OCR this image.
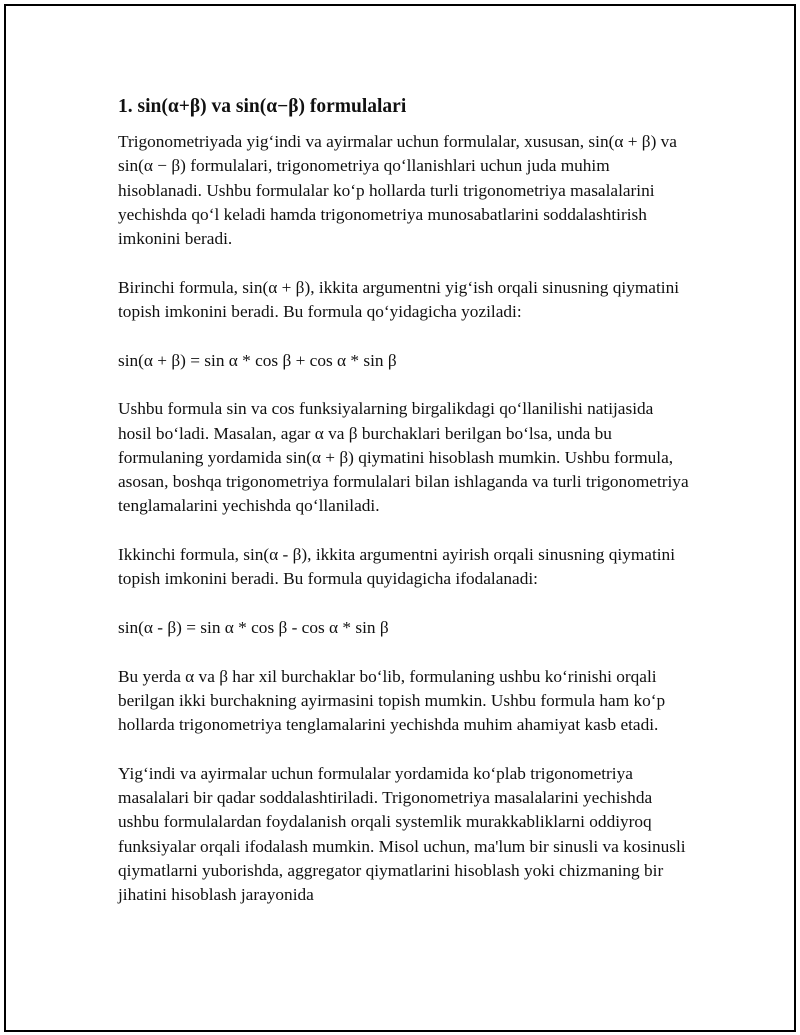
1. sin(α+β) va sin(α−β) formulalari

Trigonometriyada yig‘indi va ayirmalar uchun formulalar, xususan, sin(α + β) va sin(α − β) formulalari, trigonometriya qo‘llanishlari uchun juda muhim hisoblanadi. Ushbu formulalar ko‘p hollarda turli trigonometriya masalalarini yechishda qo‘l keladi hamda trigonometriya munosabatlarini soddalashtirish imkonini beradi.

Birinchi formula, sin(α + β), ikkita argumentni yig‘ish orqali sinusning qiymatini topish imkonini beradi. Bu formula qo‘yidagicha yoziladi:

sin(α + β) = sin α * cos β + cos α * sin β

Ushbu formula sin va cos funksiyalarning birgalikdagi qo‘llanilishi natijasida hosil bo‘ladi. Masalan, agar α va β burchaklari berilgan bo‘lsa, unda bu formulaning yordamida sin(α + β) qiymatini hisoblash mumkin. Ushbu formula, asosan, boshqa trigonometriya formulalari bilan ishlaganda va turli trigonometriya tenglamalarini yechishda qo‘llaniladi.

Ikkinchi formula, sin(α - β), ikkita argumentni ayirish orqali sinusning qiymatini topish imkonini beradi. Bu formula quyidagicha ifodalanadi:

sin(α - β) = sin α * cos β - cos α * sin β

Bu yerda α va β har xil burchaklar bo‘lib, formulaning ushbu ko‘rinishi orqali berilgan ikki burchakning ayirmasini topish mumkin. Ushbu formula ham ko‘p hollarda trigonometriya tenglamalarini yechishda muhim ahamiyat kasb etadi.

Yig‘indi va ayirmalar uchun formulalar yordamida ko‘plab trigonometriya masalalari bir qadar soddalashtiriladi. Trigonometriya masalalarini yechishda ushbu formulalardan foydalanish orqali systemlik murakkabliklarni oddiyroq funksiyalar orqali ifodalash mumkin. Misol uchun, ma'lum bir sinusli va kosinusli qiymatlarni yuborishda, aggregator qiymatlarini hisoblash yoki chizmaning bir jihatini hisoblash jarayonida
